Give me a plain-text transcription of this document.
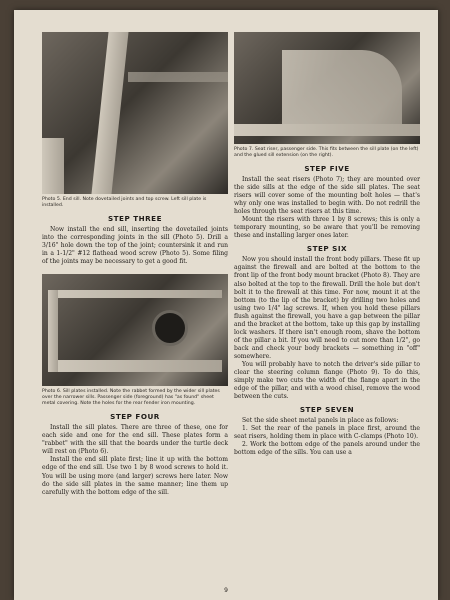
Photo 5. End sill. Note dovetailed joints and top screw. Left sill plate is installed.

STEP THREE

Now install the end sill, inserting the dovetailed joints into the corresponding joints in the sill (Photo 5). Drill a 3/16" hole down the top of the joint; countersink it and run in a 1-1/2" #12 flathead wood screw (Photo 5). Some filing of the joints may be necessary to get a good fit.

Photo 6. Sill plates installed. Note the rabbet formed by the wider sill plates over the narrower sills. Passenger side (foreground) has "as found" sheet metal covering. Note the holes for the rear fender iron mounting.

STEP FOUR

Install the sill plates. There are three of these, one for each side and one for the end sill. These plates form a "rabbet" with the sill that the boards under the turtle deck will rest on (Photo 6).

Install the end sill plate first; line it up with the bottom edge of the end sill. Use two 1 by 8 wood screws to hold it. You will be using more (and larger) screws here later. Now do the side sill plates in the same manner; line them up carefully with the bottom edge of the sill.

Photo 7. Seat riser, passenger side. This fits between the sill plate (on the left) and the glued sill extension (on the right).

STEP FIVE

Install the seat risers (Photo 7); they are mounted over the side sills at the edge of the side sill plates. The seat risers will cover some of the mounting bolt holes — that's why only one was installed to begin with. Do not redrill the holes through the seat risers at this time.

Mount the risers with three 1 by 8 screws; this is only a temporary mounting, so be aware that you'll be removing these and installing larger ones later.

STEP SIX

Now you should install the front body pillars. These fit up against the firewall and are bolted at the bottom to the front lip of the front body mount bracket (Photo 8). They are also bolted at the top to the firewall. Drill the hole but don't bolt it to the firewall at this time. For now, mount it at the bottom (to the lip of the bracket) by drilling two holes and using two 1/4" lag screws. If, when you hold these pillars flush against the firewall, you have a gap between the pillar and the bracket at the bottom, take up this gap by installing lock washers. If there isn't enough room, shave the bottom of the pillar a bit. If you will need to cut more than 1/2", go back and check your body brackets — something in "off" somewhere.

You will probably have to notch the driver's side pillar to clear the steering column flange (Photo 9). To do this, simply make two cuts the width of the flange apart in the edge of the pillar, and with a wood chisel, remove the wood between the cuts.

STEP SEVEN

Set the side sheet metal panels in place as follows:

1. Set the rear of the panels in place first, around the seat risers, holding them in place with C-clamps (Photo 10).

2. Work the bottom edge of the panels around under the bottom edge of the sills. You can use a

9
